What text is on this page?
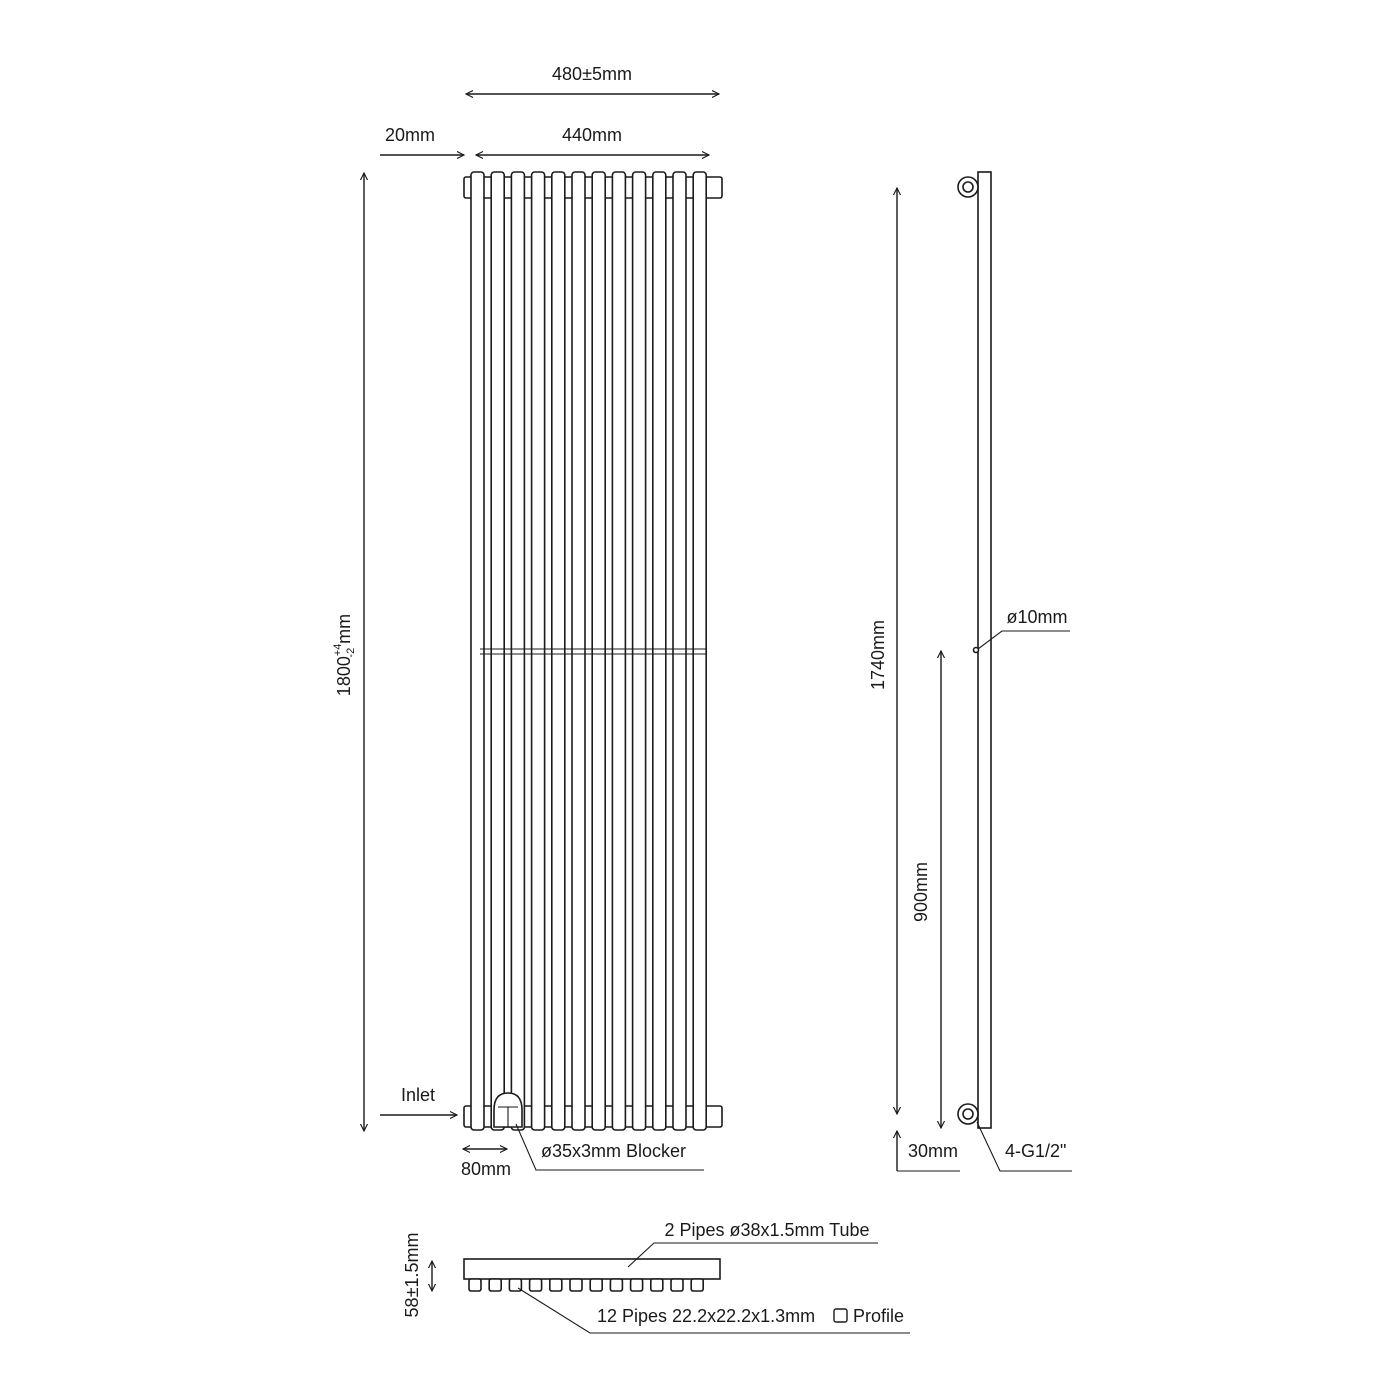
480±5mm
20mm	440mm
$1800^{+4}-2mm$
Inlet
80mm
ø35x3mm Blocker
1740mm
900mm
ø10mm
30mm	4-G1/2"
58±1.5mm
2 Pipes ø38x1.5mm Tube
12 Pipes 22.2x22.2x1.3mm Profile
